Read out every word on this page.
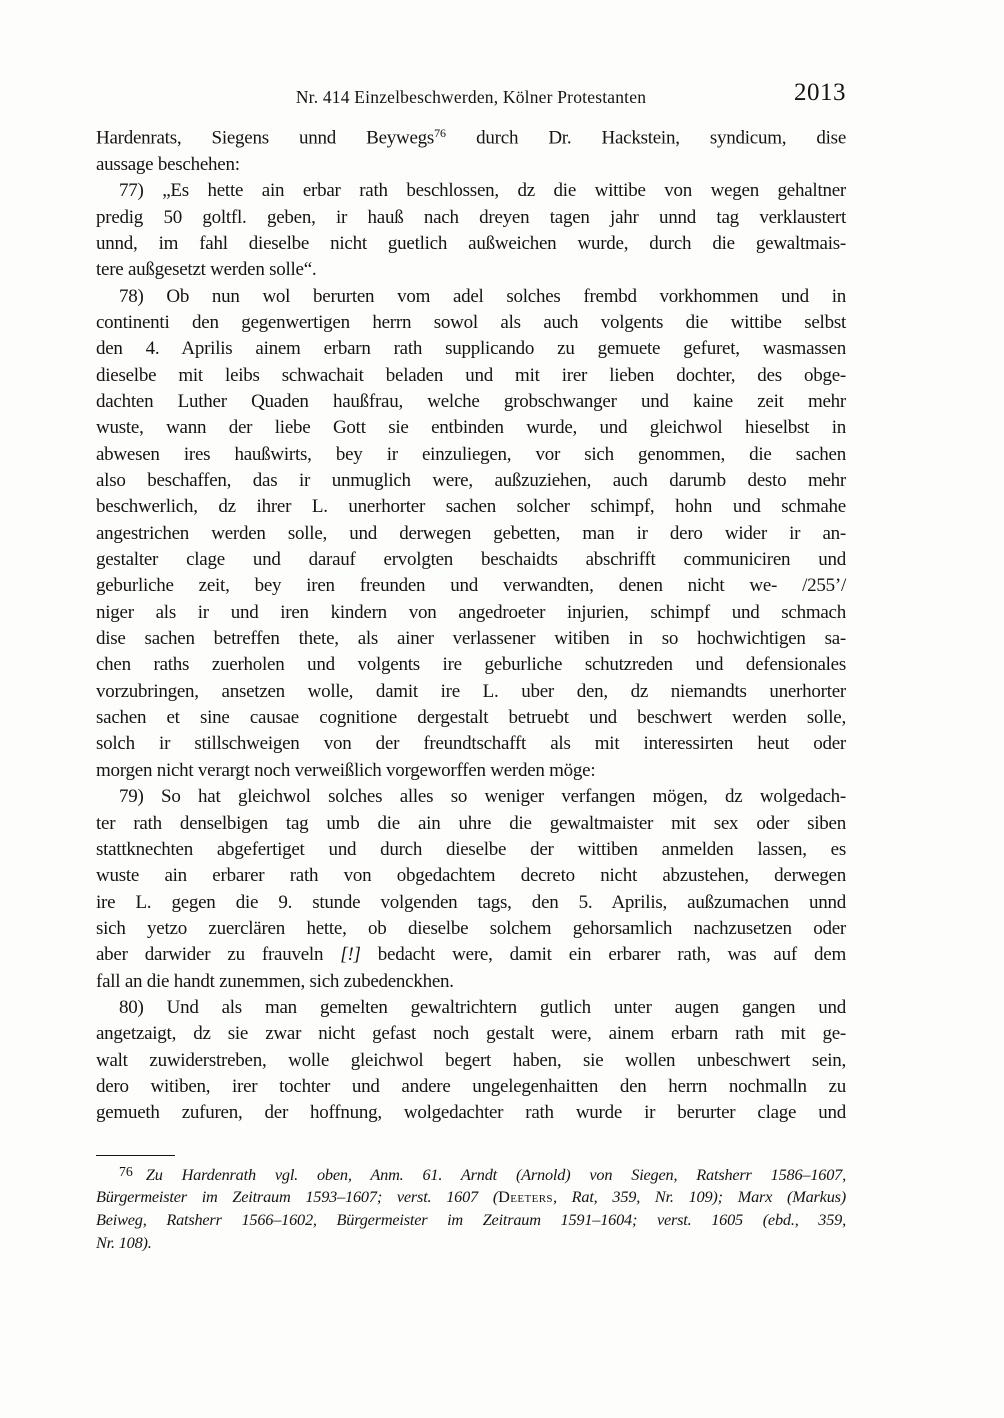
Nr. 414 Einzelbeschwerden, Kölner Protestanten	2013
Hardenrats, Siegens unnd Beywegs$^{76}$ durch Dr. Hackstein, syndicum, dise
aussage beschehen:
77) „Es hette ain erbar rath beschlossen, dz die wittibe von wegen gehaltner
predig 50 goltfl. geben, ir hauß nach dreyen tagen jahr unnd tag verklaustert
unnd, im fahl dieselbe nicht guetlich außweichen wurde, durch die gewaltmais-
tere außgesetzt werden solle“.
78) Ob nun wol berurten vom adel solches frembd vorkhommen und in
continenti den gegenwertigen herrn sowol als auch volgents die wittibe selbst
den 4. Aprilis ainem erbarn rath supplicando zu gemuete gefuret, wasmassen
dieselbe mit leibs schwachait beladen und mit irer lieben dochter, des obge-
dachten Luther Quaden haußfrau, welche grobschwanger und kaine zeit mehr
wuste, wann der liebe Gott sie entbinden wurde, und gleichwol hieselbst in
abwesen ires haußwirts, bey ir einzuliegen, vor sich genommen, die sachen
also beschaffen, das ir unmuglich were, außzuziehen, auch darumb desto mehr
beschwerlich, dz ihrer L. unerhorter sachen solcher schimpf, hohn und schmahe
angestrichen werden solle, und derwegen gebetten, man ir dero wider ir an-
gestalter clage und darauf ervolgten beschaidts abschrifft communiciren und
geburliche zeit, bey iren freunden und verwandten, denen nicht we- /255’/
niger als ir und iren kindern von angedroeter injurien, schimpf und schmach
dise sachen betreffen thete, als ainer verlassener witiben in so hochwichtigen sa-
chen raths zuerholen und volgents ire geburliche schutzreden und defensionales
vorzubringen, ansetzen wolle, damit ire L. uber den, dz niemandts unerhorter
sachen et sine causae cognitione dergestalt betruebt und beschwert werden solle,
solch ir stillschweigen von der freundtschafft als mit interessirten heut oder
morgen nicht verargt noch verweißlich vorgeworffen werden möge:
79) So hat gleichwol solches alles so weniger verfangen mögen, dz wolgedach-
ter rath denselbigen tag umb die ain uhre die gewaltmaister mit sex oder siben
stattknechten abgefertiget und durch dieselbe der wittiben anmelden lassen, es
wuste ain erbarer rath von obgedachtem decreto nicht abzustehen, derwegen
ire L. gegen die 9. stunde volgenden tags, den 5. Aprilis, außzumachen unnd
sich yetzo zuerclären hette, ob dieselbe solchem gehorsamlich nachzusetzen oder
aber darwider zu frauveln [!] bedacht were, damit ein erbarer rath, was auf dem
fall an die handt zunemmen, sich zubedenckhen.
80) Und als man gemelten gewaltrichtern gutlich unter augen gangen und
angetzaigt, dz sie zwar nicht gefast noch gestalt were, ainem erbarn rath mit ge-
walt zuwiderstreben, wolle gleichwol begert haben, sie wollen unbeschwert sein,
dero witiben, irer tochter und andere ungelegenhaitten den herrn nochmalln zu
gemueth zufuren, der hoffnung, wolgedachter rath wurde ir berurter clage und
$^{76}$ Zu Hardenrath vgl. oben, Anm. 61. Arndt (Arnold) von Siegen, Ratsherr 1586–1607,
Bürgermeister im Zeitraum 1593–1607; verst. 1607 (Deeters, Rat, 359, Nr. 109); Marx (Markus)
Beiweg, Ratsherr 1566–1602, Bürgermeister im Zeitraum 1591–1604; verst. 1605 (ebd., 359,
Nr. 108).
